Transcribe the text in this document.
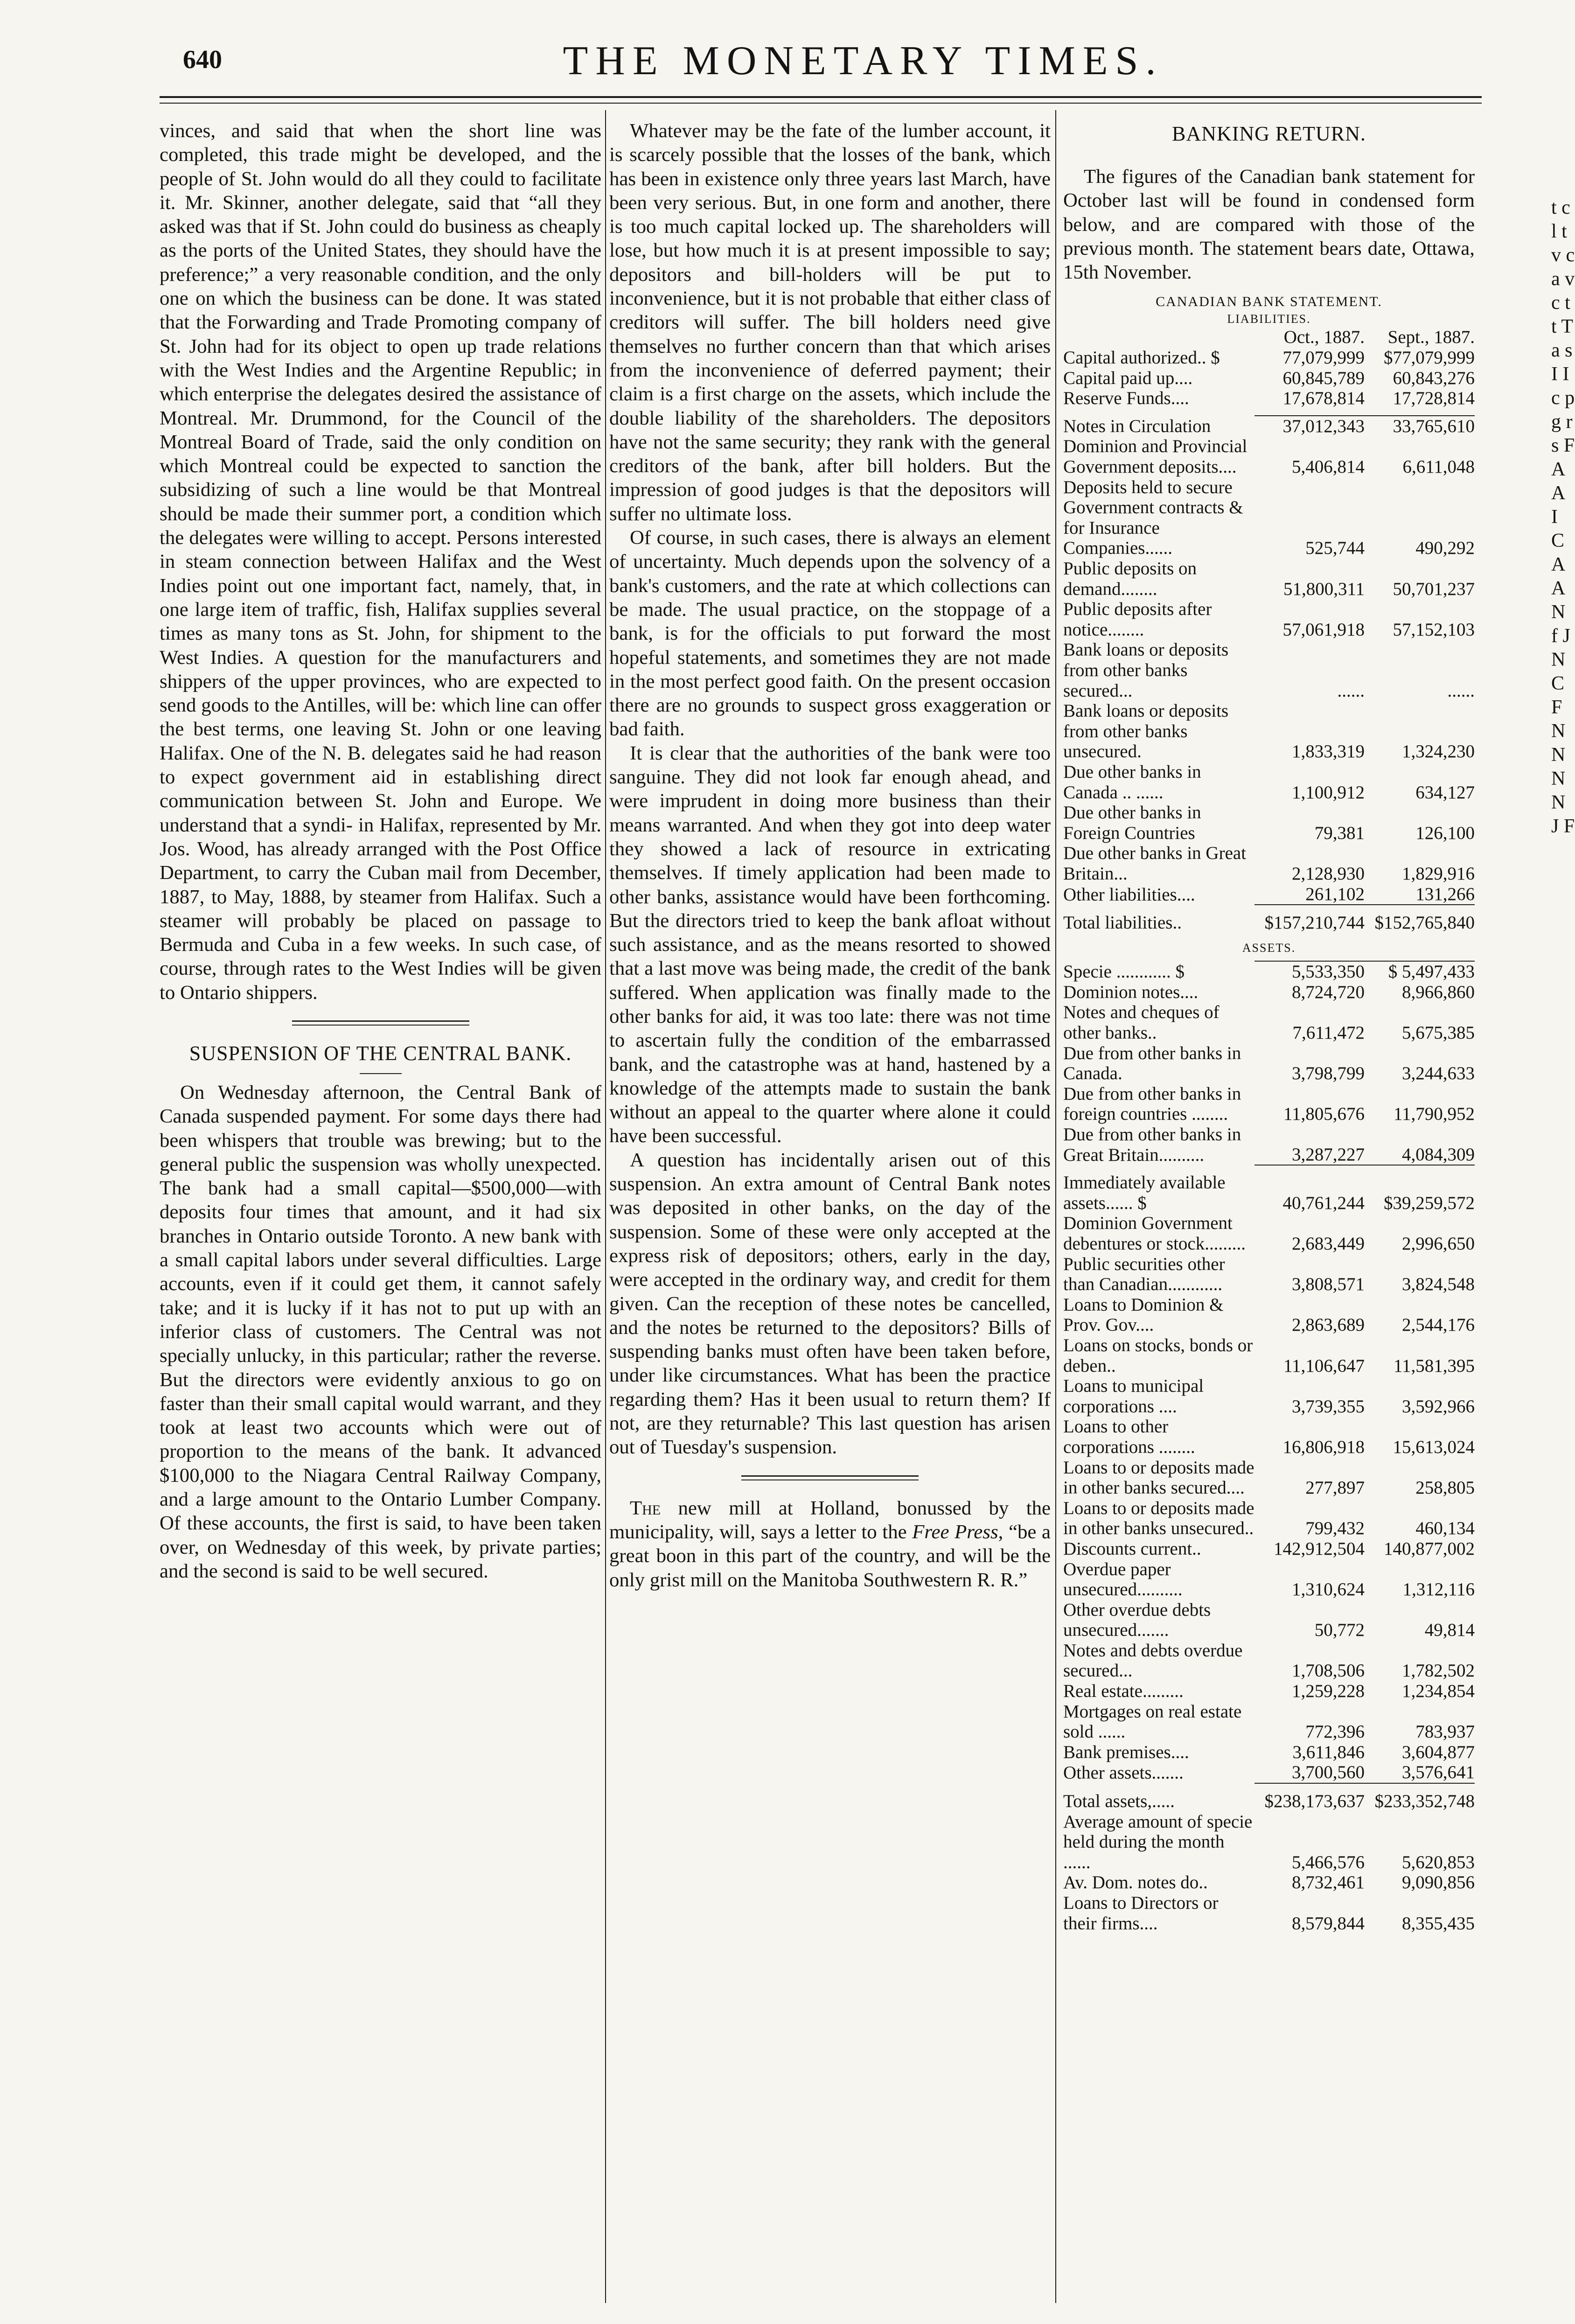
640	THE MONETARY TIMES.

vinces, and said that when the short line was completed, this trade might be developed, and the people of St. John would do all they could to facilitate it. Mr. Skinner, another delegate, said that “all they asked was that if St. John could do business as cheaply as the ports of the United States, they should have the preference;” a very reasonable condition, and the only one on which the business can be done. It was stated that the Forwarding and Trade Promoting company of St. John had for its object to open up trade relations with the West Indies and the Argentine Republic; in which enterprise the delegates desired the assistance of Montreal. Mr. Drummond, for the Council of the Montreal Board of Trade, said the only condition on which Montreal could be expected to sanction the subsidizing of such a line would be that Montreal should be made their summer port, a condition which the delegates were willing to accept. Persons interested in steam connection between Halifax and the West Indies point out one important fact, namely, that, in one large item of traffic, fish, Halifax supplies several times as many tons as St. John, for shipment to the West Indies. A question for the manufacturers and shippers of the upper provinces, who are expected to send goods to the Antilles, will be: which line can offer the best terms, one leaving St. John or one leaving Halifax. One of the N. B. delegates said he had reason to expect government aid in establishing direct communication between St. John and Europe. We understand that a syndi- in Halifax, represented by Mr. Jos. Wood, has already arranged with the Post Office Department, to carry the Cuban mail from December, 1887, to May, 1888, by steamer from Halifax. Such a steamer will probably be placed on passage to Bermuda and Cuba in a few weeks. In such case, of course, through rates to the West Indies will be given to Ontario shippers.

SUSPENSION OF THE CENTRAL BANK.

On Wednesday afternoon, the Central Bank of Canada suspended payment. For some days there had been whispers that trouble was brewing; but to the general public the suspension was wholly unexpected. The bank had a small capital—$500,000—with deposits four times that amount, and it had six branches in Ontario outside Toronto. A new bank with a small capital labors under several difficulties. Large accounts, even if it could get them, it cannot safely take; and it is lucky if it has not to put up with an inferior class of customers. The Central was not specially unlucky, in this particular; rather the reverse. But the directors were evidently anxious to go on faster than their small capital would warrant, and they took at least two accounts which were out of proportion to the means of the bank. It advanced $100,000 to the Niagara Central Railway Company, and a large amount to the Ontario Lumber Company. Of these accounts, the first is said, to have been taken over, on Wednesday of this week, by private parties; and the second is said to be well secured.

Whatever may be the fate of the lumber account, it is scarcely possible that the losses of the bank, which has been in existence only three years last March, have been very serious. But, in one form and another, there is too much capital locked up. The shareholders will lose, but how much it is at present impossible to say; depositors and bill-holders will be put to inconvenience, but it is not probable that either class of creditors will suffer. The bill holders need give themselves no further concern than that which arises from the inconvenience of deferred payment; their claim is a first charge on the assets, which include the double liability of the shareholders. The depositors have not the same security; they rank with the general creditors of the bank, after bill holders. But the impression of good judges is that the depositors will suffer no ultimate loss.

Of course, in such cases, there is always an element of uncertainty. Much depends upon the solvency of a bank's customers, and the rate at which collections can be made. The usual practice, on the stoppage of a bank, is for the officials to put forward the most hopeful statements, and sometimes they are not made in the most perfect good faith. On the present occasion there are no grounds to suspect gross exaggeration or bad faith.

It is clear that the authorities of the bank were too sanguine. They did not look far enough ahead, and were imprudent in doing more business than their means warranted. And when they got into deep water they showed a lack of resource in extricating themselves. If timely application had been made to other banks, assistance would have been forthcoming. But the directors tried to keep the bank afloat without such assistance, and as the means resorted to showed that a last move was being made, the credit of the bank suffered. When application was finally made to the other banks for aid, it was too late: there was not time to ascertain fully the condition of the embarrassed bank, and the catastrophe was at hand, hastened by a knowledge of the attempts made to sustain the bank without an appeal to the quarter where alone it could have been successful.

A question has incidentally arisen out of this suspension. An extra amount of Central Bank notes was deposited in other banks, on the day of the suspension. Some of these were only accepted at the express risk of depositors; others, early in the day, were accepted in the ordinary way, and credit for them given. Can the reception of these notes be cancelled, and the notes be returned to the depositors? Bills of suspending banks must often have been taken before, under like circumstances. What has been the practice regarding them? Has it been usual to return them? If not, are they returnable? This last question has arisen out of Tuesday's suspension.

The new mill at Holland, bonussed by the municipality, will, says a letter to the Free Press, “be a great boon in this part of the country, and will be the only grist mill on the Manitoba Southwestern R. R.”

BANKING RETURN.

The figures of the Canadian bank statement for October last will be found in condensed form below, and are compared with those of the previous month. The statement bears date, Ottawa, 15th November.

CANADIAN BANK STATEMENT.
LIABILITIES.
	Oct., 1887.	Sept., 1887.
Capital authorized.. $	77,079,999	$77,079,999
Capital paid up....	60,845,789	60,843,276
Reserve Funds....	17,678,814	17,728,814

Notes in Circulation	37,012,343	33,765,610
Dominion and Provincial Government deposits....	5,406,814	6,611,048
Deposits held to secure Government contracts & for Insurance Companies......	525,744	490,292
Public deposits on demand........	51,800,311	50,701,237
Public deposits after notice........	57,061,918	57,152,103
Bank loans or deposits from other banks secured...	......	......
Bank loans or deposits from other banks unsecured.	1,833,319	1,324,230
Due other banks in Canada .. ......	1,100,912	634,127
Due other banks in Foreign Countries	79,381	126,100
Due other banks in Great Britain...	2,128,930	1,829,916
Other liabilities....	261,102	131,266
Total liabilities..	$157,210,744	$152,765,840
ASSETS.		
Specie ............ $	5,533,350	$ 5,497,433
Dominion notes....	8,724,720	8,966,860
Notes and cheques of other banks..	7,611,472	5,675,385
Due from other banks in Canada.	3,798,799	3,244,633
Due from other banks in foreign countries ........	11,805,676	11,790,952
Due from other banks in Great Britain..........	3,287,227	4,084,309
Immediately available assets...... $	40,761,244	$39,259,572
Dominion Government debentures or stock.........	2,683,449	2,996,650
Public securities other than Canadian............	3,808,571	3,824,548
Loans to Dominion & Prov. Gov....	2,863,689	2,544,176
Loans on stocks, bonds or deben..	11,106,647	11,581,395
Loans to municipal corporations ....	3,739,355	3,592,966
Loans to other corporations ........	16,806,918	15,613,024
Loans to or deposits made in other banks secured....	277,897	258,805
Loans to or deposits made in other banks unsecured..	799,432	460,134
Discounts current..	142,912,504	140,877,002
Overdue paper unsecured..........	1,310,624	1,312,116
Other overdue debts unsecured.......	50,772	49,814
Notes and debts overdue secured...	1,708,506	1,782,502
Real estate.........	1,259,228	1,234,854
Mortgages on real estate sold ......	772,396	783,937
Bank premises....	3,611,846	3,604,877
Other assets.......	3,700,560	3,576,641
Total assets,.....	$238,173,637	$233,352,748
Average amount of specie held during the month ......	5,466,576	5,620,853
Av. Dom. notes do..	8,732,461	9,090,856
Loans to Directors or their firms....	8,579,844	8,355,435
t c l t v c a v c t t T a s I I c p g r s F A A I C A A N f J N C F N N N N J F
